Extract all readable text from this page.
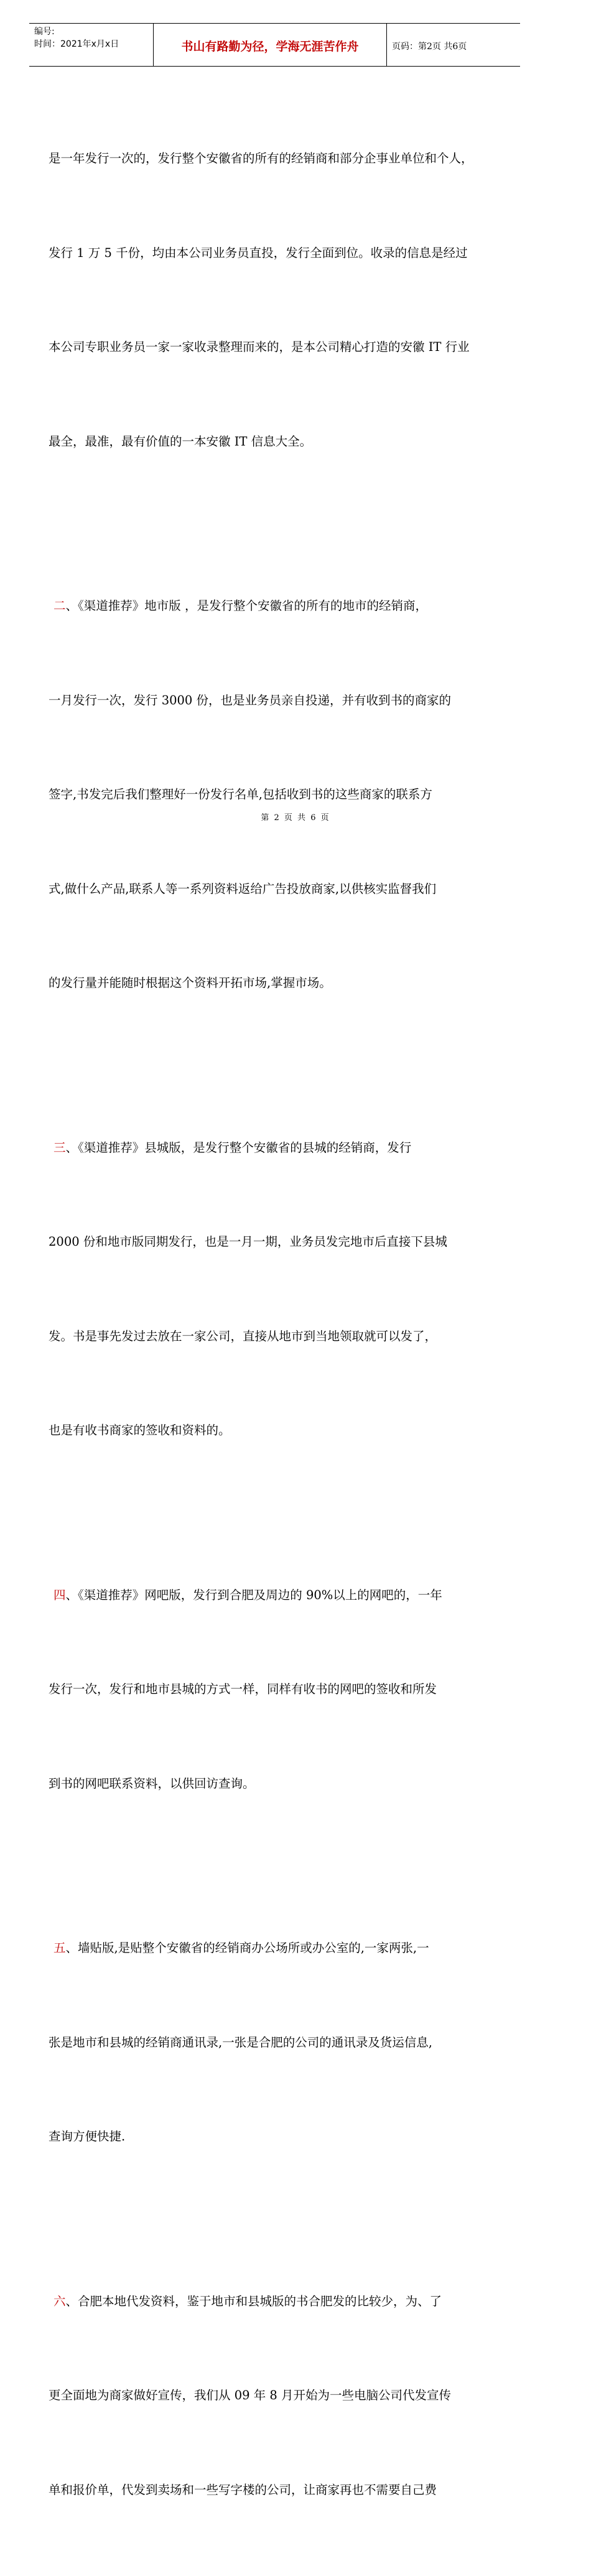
编号:
时间：2021年x月x日	书山有路勤为径，学海无涯苦作舟	页码：第2页 共6页

是一年发行一次的，发行整个安徽省的所有的经销商和部分企事业单位和个人，

发行 1 万 5 千份，均由本公司业务员直投，发行全面到位。收录的信息是经过

本公司专职业务员一家一家收录整理而来的，是本公司精心打造的安徽 IT 行业

最全，最准，最有价值的一本安徽 IT 信息大全。

二、《渠道推荐》地市版 ，是发行整个安徽省的所有的地市的经销商，

一月发行一次，发行 3000 份，也是业务员亲自投递，并有收到书的商家的

签字,书发完后我们整理好一份发行名单,包括收到书的这些商家的联系方

式,做什么产品,联系人等一系列资料返给广告投放商家,以供核实监督我们

的发行量并能随时根据这个资料开拓市场,掌握市场。

三、《渠道推荐》县城版，是发行整个安徽省的县城的经销商，发行

2000 份和地市版同期发行，也是一月一期，业务员发完地市后直接下县城

发。书是事先发过去放在一家公司，直接从地市到当地领取就可以发了，

也是有收书商家的签收和资料的。

四、《渠道推荐》网吧版，发行到合肥及周边的 90%以上的网吧的，一年

发行一次，发行和地市县城的方式一样，同样有收书的网吧的签收和所发

到书的网吧联系资料，以供回访查询。

五、墙贴版,是贴整个安徽省的经销商办公场所或办公室的,一家两张,一

张是地市和县城的经销商通讯录,一张是合肥的公司的通讯录及货运信息,

查询方便快捷.

六、合肥本地代发资料，鉴于地市和县城版的书合肥发的比较少，为、了

更全面地为商家做好宣传，我们从 09 年 8 月开始为一些电脑公司代发宣传

单和报价单，代发到卖场和一些写字楼的公司，让商家再也不需要自己费

第 2 页 共 6 页
